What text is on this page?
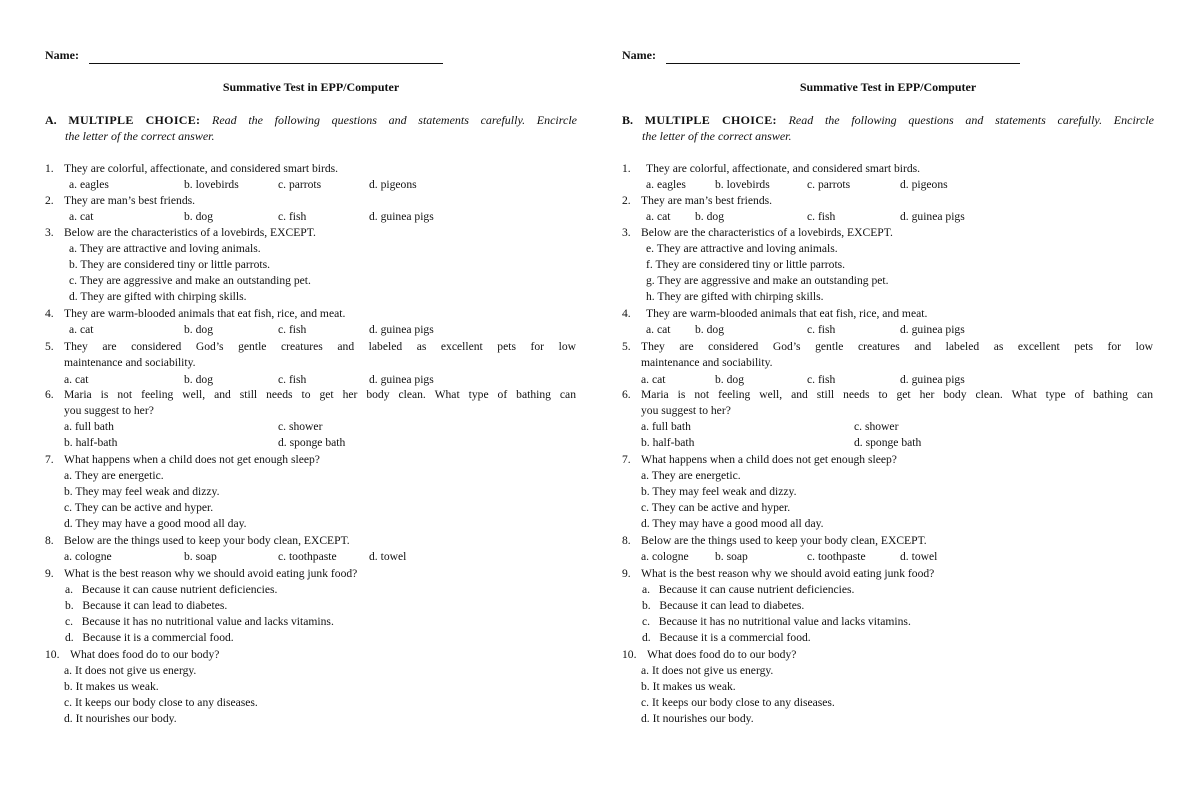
Name:
Summative Test in EPP/Computer
A. MULTIPLE CHOICE: Read the following questions and statements carefully. Encircle
the letter of the correct answer.
1. They are colorful, affectionate, and considered smart birds.
a. eagles	b. lovebirds	c. parrots	d. pigeons
2. They are man’s best friends.
a. cat	b. dog	c. fish	d. guinea pigs
3. Below are the characteristics of a lovebirds, EXCEPT.
a. They are attractive and loving animals.
b. They are considered tiny or little parrots.
c. They are aggressive and make an outstanding pet.
d. They are gifted with chirping skills.
4. They are warm-blooded animals that eat fish, rice, and meat.
a. cat	b. dog	c. fish	d. guinea pigs
5. They are considered God’s gentle creatures and labeled as excellent pets for low
maintenance and sociability.
a. cat	b. dog	c. fish	d. guinea pigs
6. Maria is not feeling well, and still needs to get her body clean. What type of bathing can
you suggest to her?
a. full bath	c. shower
b. half-bath	d. sponge bath
7. What happens when a child does not get enough sleep?
a. They are energetic.
b. They may feel weak and dizzy.
c. They can be active and hyper.
d. They may have a good mood all day.
8. Below are the things used to keep your body clean, EXCEPT.
a. cologne	b. soap	c. toothpaste	d. towel
9. What is the best reason why we should avoid eating junk food?
a.   Because it can cause nutrient deficiencies.
b.   Because it can lead to diabetes.
c.   Because it has no nutritional value and lacks vitamins.
d.   Because it is a commercial food.
10. What does food do to our body?
a. It does not give us energy.
b. It makes us weak.
c. It keeps our body close to any diseases.
d. It nourishes our body.
Name:
Summative Test in EPP/Computer
B. MULTIPLE CHOICE: Read the following questions and statements carefully. Encircle
the letter of the correct answer.
1. They are colorful, affectionate, and considered smart birds.
a. eagles	b. lovebirds	c. parrots	d. pigeons
2. They are man’s best friends.
a. cat b. dog	c. fish	d. guinea pigs
3. Below are the characteristics of a lovebirds, EXCEPT.
e. They are attractive and loving animals.
f. They are considered tiny or little parrots.
g. They are aggressive and make an outstanding pet.
h. They are gifted with chirping skills.
4. They are warm-blooded animals that eat fish, rice, and meat.
a. cat b. dog	c. fish	d. guinea pigs
5. They are considered God’s gentle creatures and labeled as excellent pets for low
maintenance and sociability.
a. cat	b. dog	c. fish	d. guinea pigs
6. Maria is not feeling well, and still needs to get her body clean. What type of bathing can
you suggest to her?
a. full bath	c. shower
b. half-bath	d. sponge bath
7. What happens when a child does not get enough sleep?
a. They are energetic.
b. They may feel weak and dizzy.
c. They can be active and hyper.
d. They may have a good mood all day.
8. Below are the things used to keep your body clean, EXCEPT.
a. cologne b. soap	c. toothpaste	d. towel
9. What is the best reason why we should avoid eating junk food?
a.   Because it can cause nutrient deficiencies.
b.   Because it can lead to diabetes.
c.   Because it has no nutritional value and lacks vitamins.
d.   Because it is a commercial food.
10. What does food do to our body?
a. It does not give us energy.
b. It makes us weak.
c. It keeps our body close to any diseases.
d. It nourishes our body.
